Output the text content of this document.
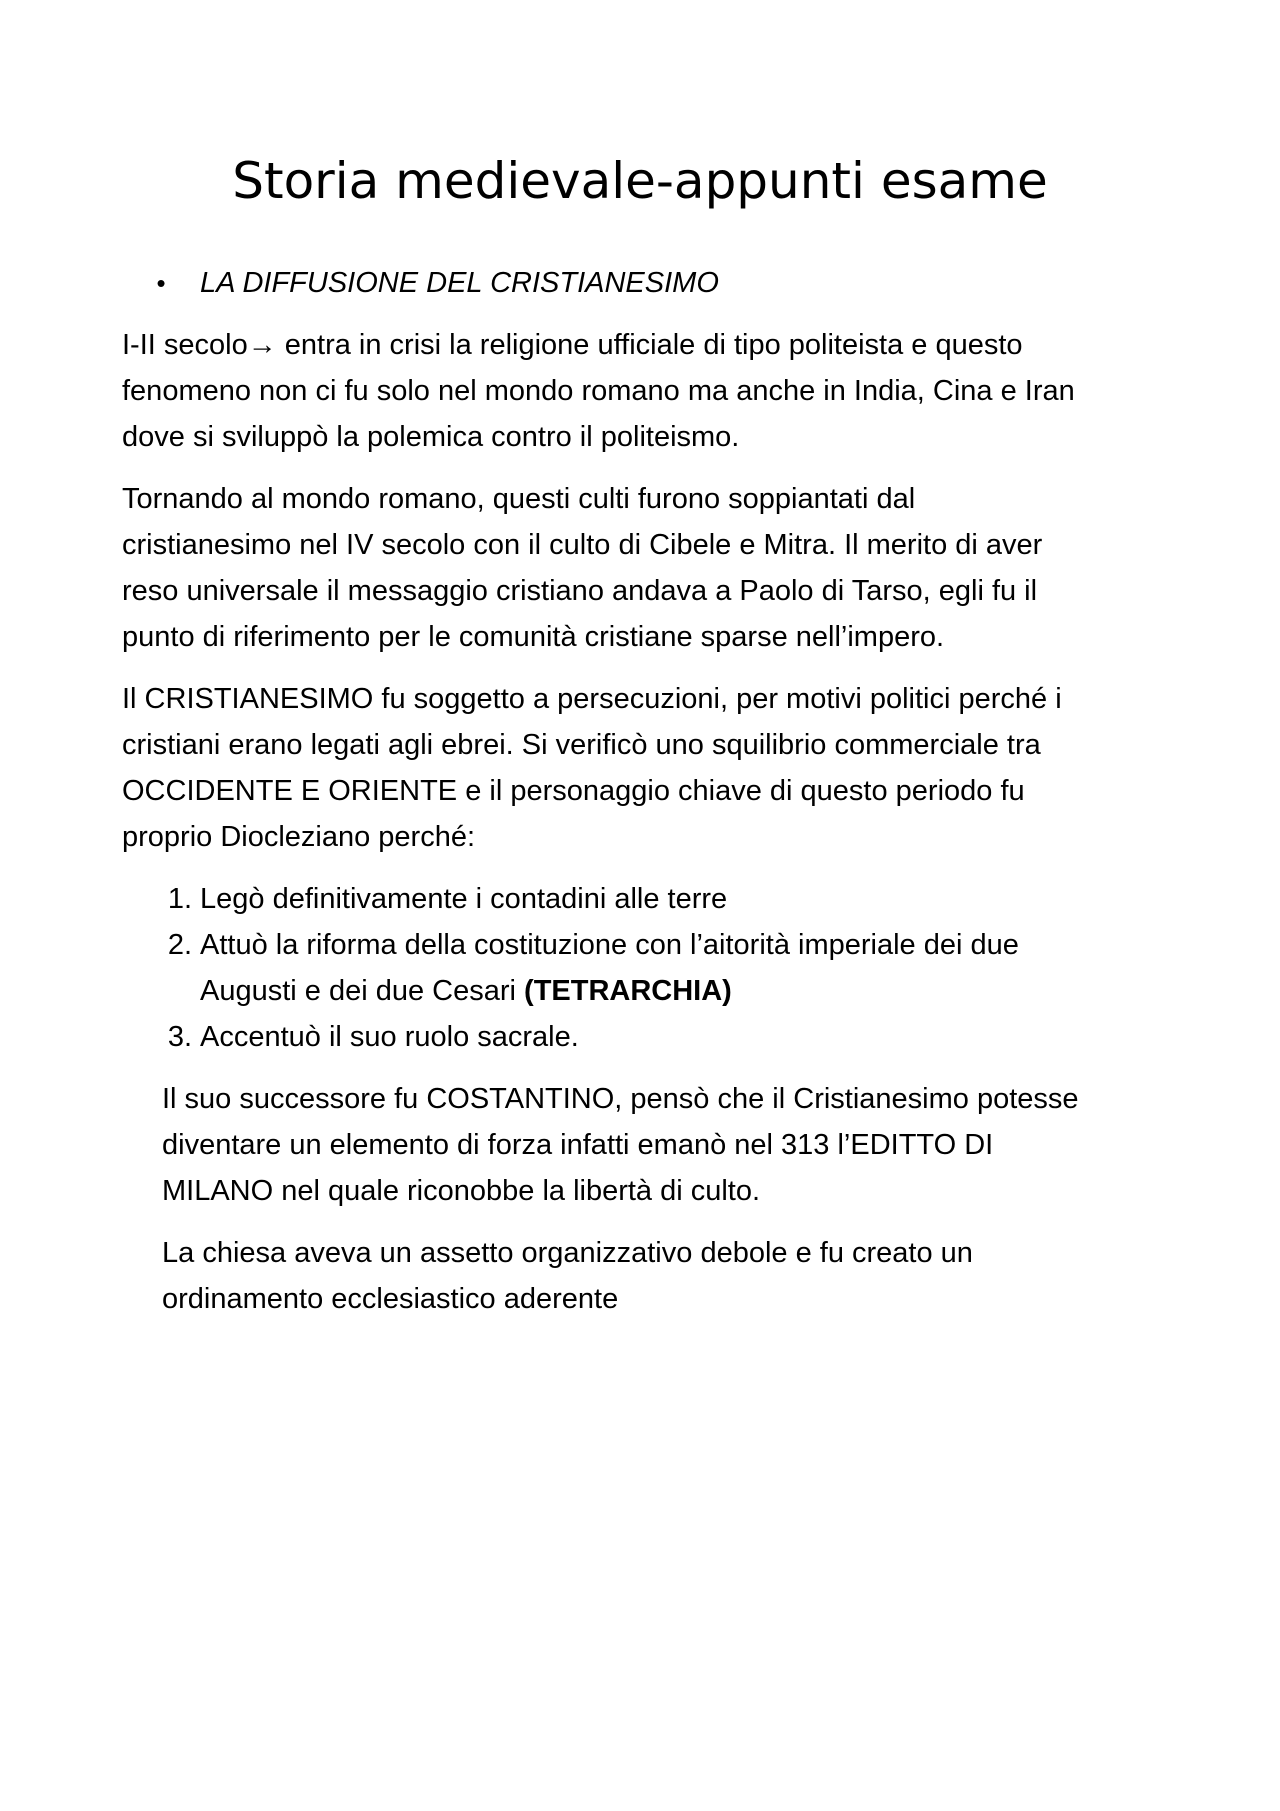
Storia medievale-appunti esame
•	LA DIFFUSIONE DEL CRISTIANESIMO
I-II secolo→ entra in crisi la religione ufficiale di tipo politeista e questo
fenomeno non ci fu solo nel mondo romano ma anche in India, Cina e Iran
dove si sviluppò la polemica contro il politeismo.
Tornando al mondo romano, questi culti furono soppiantati dal
cristianesimo nel IV secolo con il culto di Cibele e Mitra. Il merito di aver
reso universale il messaggio cristiano andava a Paolo di Tarso, egli fu il
punto di riferimento per le comunità cristiane sparse nell’impero.
Il CRISTIANESIMO fu soggetto a persecuzioni, per motivi politici perché i
cristiani erano legati agli ebrei. Si verificò uno squilibrio commerciale tra
OCCIDENTE E ORIENTE e il personaggio chiave di questo periodo fu
proprio Diocleziano perché:
1. Legò definitivamente i contadini alle terre
2. Attuò la riforma della costituzione con l’aitorità imperiale dei due
Augusti e dei due Cesari (TETRARCHIA)
3. Accentuò il suo ruolo sacrale.
Il suo successore fu COSTANTINO, pensò che il Cristianesimo potesse
diventare un elemento di forza infatti emanò nel 313 l’EDITTO DI
MILANO nel quale riconobbe la libertà di culto.
La chiesa aveva un assetto organizzativo debole e fu creato un
ordinamento ecclesiastico aderente
